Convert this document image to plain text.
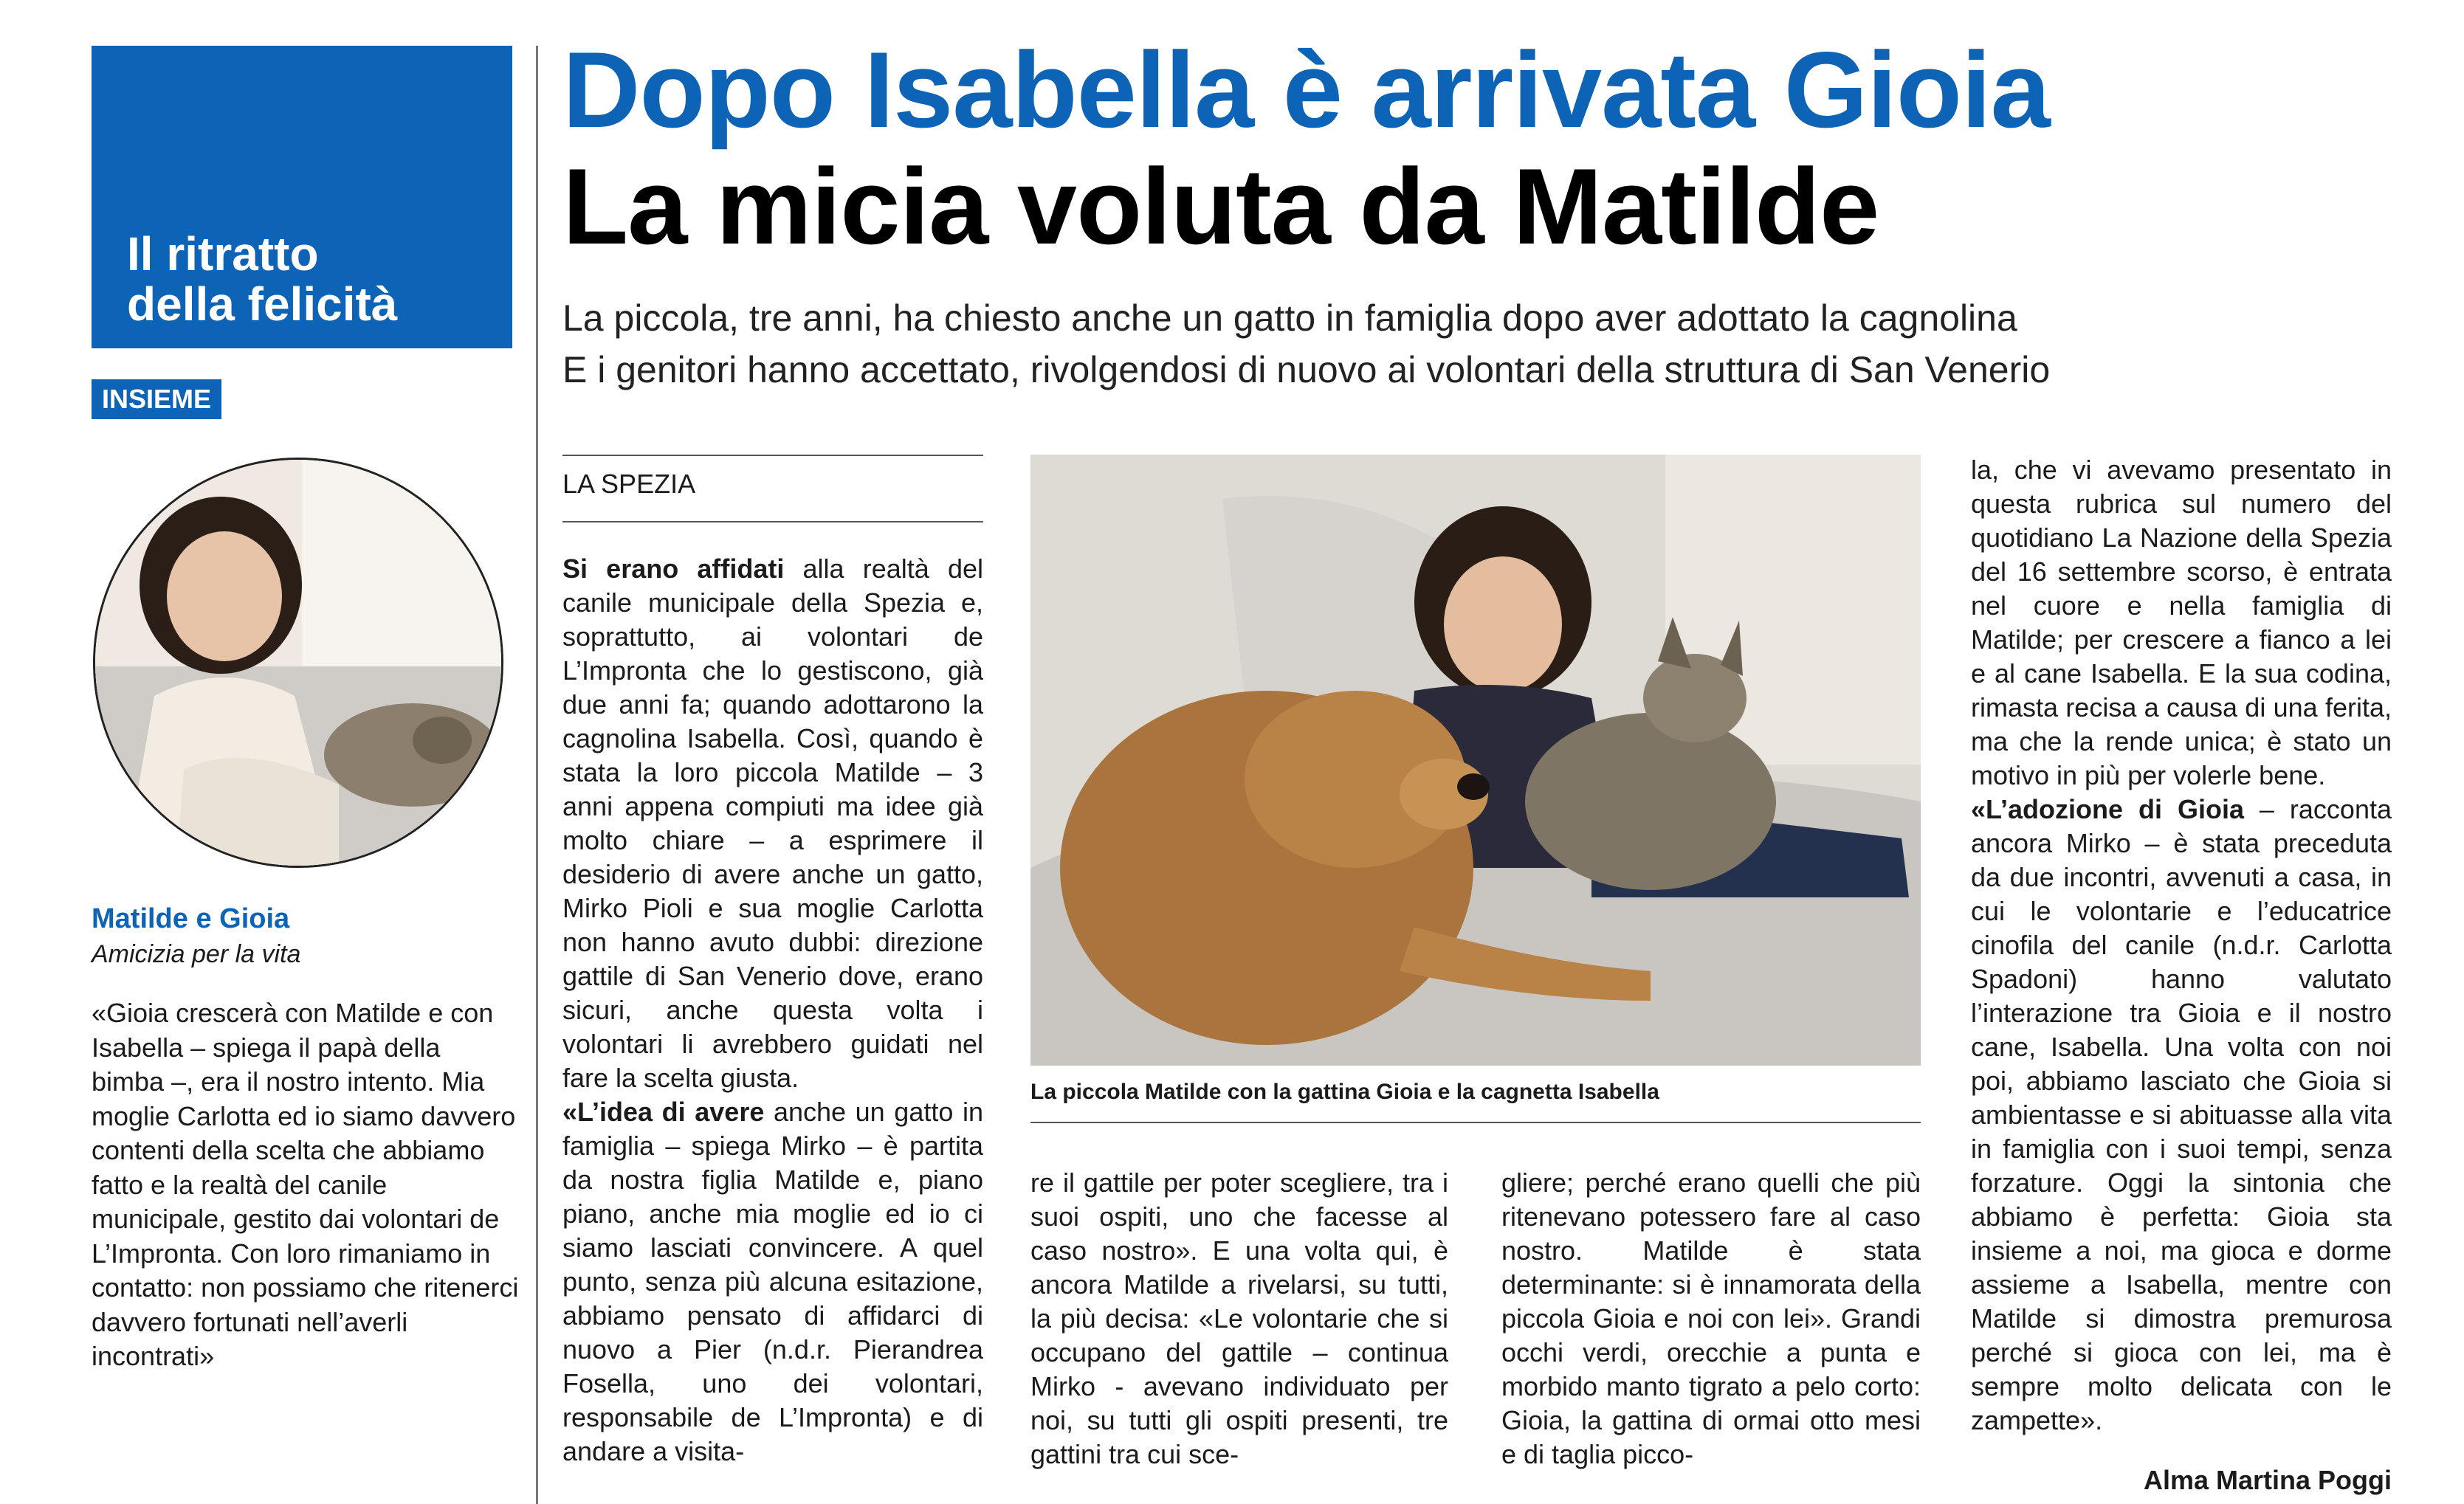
Il ritratto
della felicità
INSIEME
Matilde e Gioia
Amicizia per la vita
«Gioia crescerà con Matilde e con Isabella – spiega il papà della bimba –, era il nostro intento. Mia moglie Carlotta ed io siamo davvero contenti della scelta che abbiamo fatto e la realtà del canile municipale, gestito dai volontari de L’Impronta. Con loro rimaniamo in contatto: non possiamo che ritenerci davvero fortunati nell’averli incontrati»
Dopo Isabella è arrivata Gioia
La micia voluta da Matilde
La piccola, tre anni, ha chiesto anche un gatto in famiglia dopo aver adottato la cagnolina
E i genitori hanno accettato, rivolgendosi di nuovo ai volontari della struttura di San Venerio
LA SPEZIA
Si erano affidati alla realtà del canile municipale della Spezia e, soprattutto, ai volontari de L’Impronta che lo gestiscono, già due anni fa; quando adottarono la cagnolina Isabella. Così, quando è stata la loro piccola Matilde – 3 anni appena compiuti ma idee già molto chiare – a esprimere il desiderio di avere anche un gatto, Mirko Pioli e sua moglie Carlotta non hanno avuto dubbi: direzione gattile di San Venerio dove, erano sicuri, anche questa volta i volontari li avrebbero guidati nel fare la scelta giusta.
«L’idea di avere anche un gatto in famiglia – spiega Mirko – è partita da nostra figlia Matilde e, piano piano, anche mia moglie ed io ci siamo lasciati convincere. A quel punto, senza più alcuna esitazione, abbiamo pensato di affidarci di nuovo a Pier (n.d.r. Pierandrea Fosella, uno dei volontari, responsabile de L’Impronta) e di andare a visita-
La piccola Matilde con la gattina Gioia e la cagnetta Isabella
re il gattile per poter scegliere, tra i suoi ospiti, uno che facesse al caso nostro». E una volta qui, è ancora Matilde a rivelarsi, su tutti, la più decisa: «Le volontarie che si occupano del gattile – continua Mirko - avevano individuato per noi, su tutti gli ospiti presenti, tre gattini tra cui sce-
gliere; perché erano quelli che più ritenevano potessero fare al caso nostro. Matilde è stata determinante: si è innamorata della piccola Gioia e noi con lei». Grandi occhi verdi, orecchie a punta e morbido manto tigrato a pelo corto: Gioia, la gattina di ormai otto mesi e di taglia picco-
la, che vi avevamo presentato in questa rubrica sul numero del quotidiano La Nazione della Spezia del 16 settembre scorso, è entrata nel cuore e nella famiglia di Matilde; per crescere a fianco a lei e al cane Isabella. E la sua codina, rimasta recisa a causa di una ferita, ma che la rende unica; è stato un motivo in più per volerle bene.
«L’adozione di Gioia – racconta ancora Mirko – è stata preceduta da due incontri, avvenuti a casa, in cui le volontarie e l’educatrice cinofila del canile (n.d.r. Carlotta Spadoni) hanno valutato l’interazione tra Gioia e il nostro cane, Isabella. Una volta con noi poi, abbiamo lasciato che Gioia si ambientasse e si abituasse alla vita in famiglia con i suoi tempi, senza forzature. Oggi la sintonia che abbiamo è perfetta: Gioia sta insieme a noi, ma gioca e dorme assieme a Isabella, mentre con Matilde si dimostra premurosa perché si gioca con lei, ma è sempre molto delicata con le zampette».
Alma Martina Poggi
